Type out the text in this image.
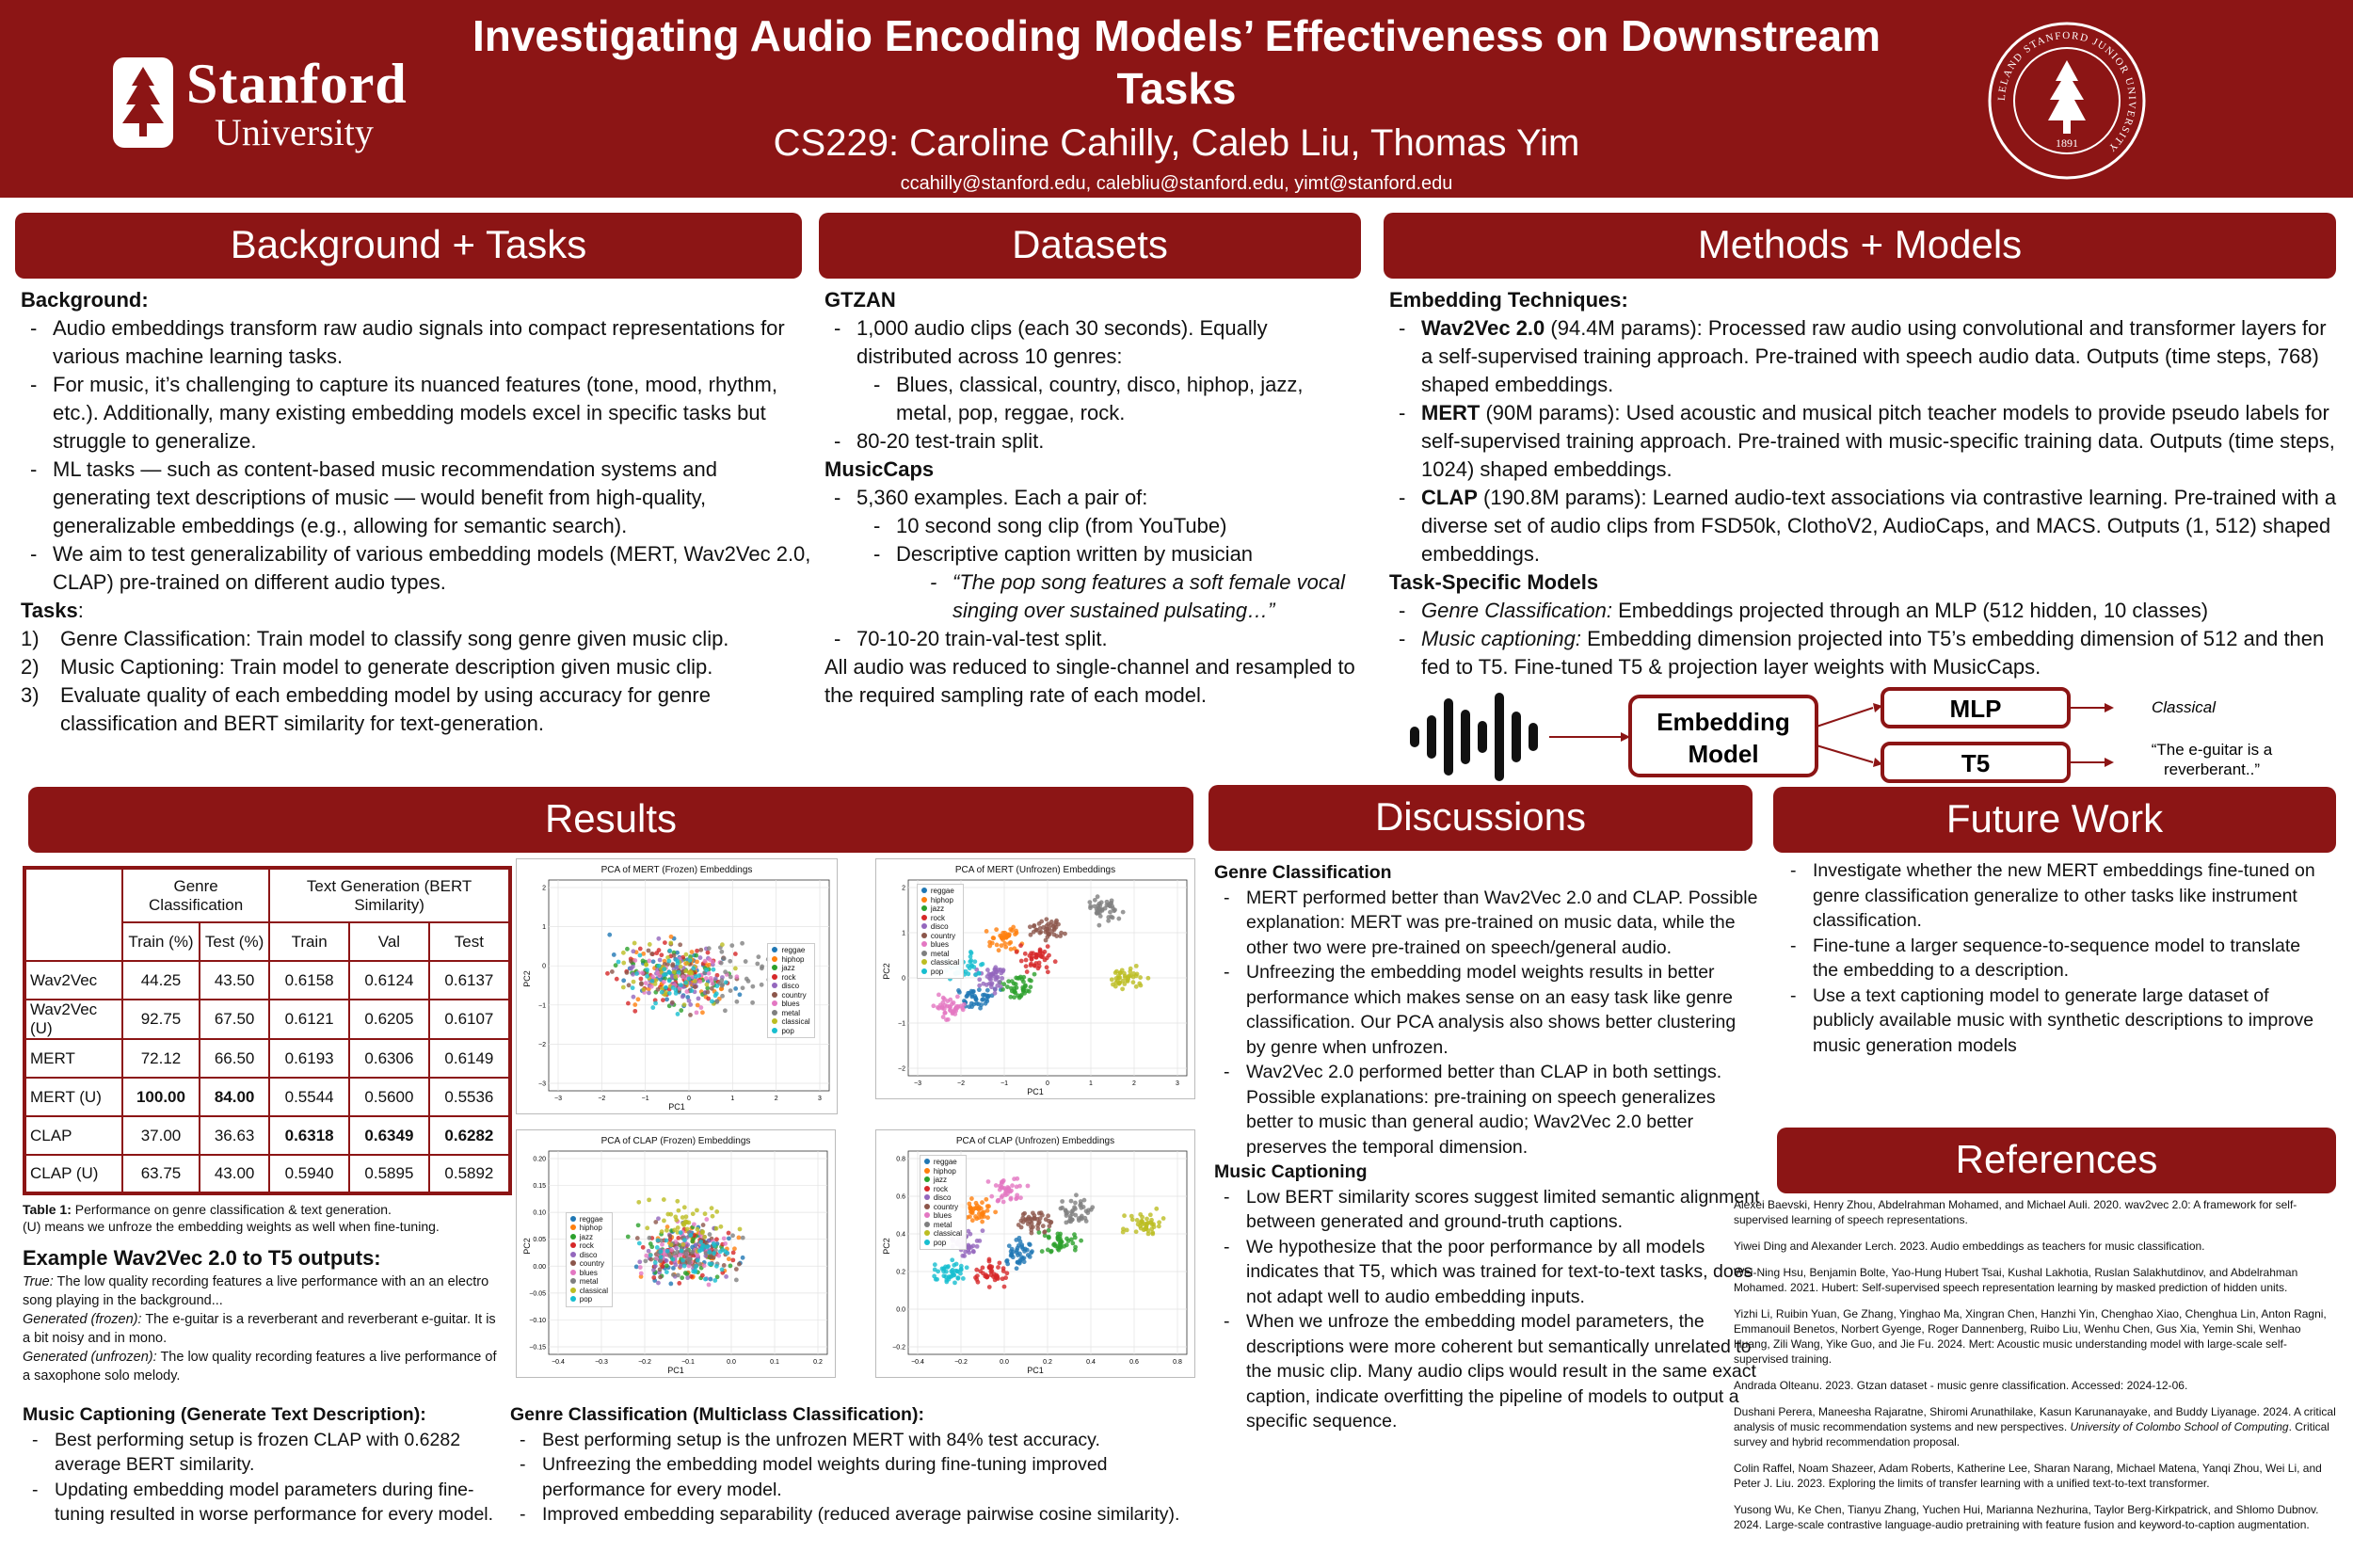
Stanford
University
Investigating Audio Encoding Models’ Effectiveness on Downstream Tasks
CS229: Caroline Cahilly, Caleb Liu, Thomas Yim
ccahilly@stanford.edu, calebliu@stanford.edu, yimt@stanford.edu
LELAND STANFORD JUNIOR UNIVERSITY
1891
Background + Tasks	Datasets	Methods + Models
Results	Discussions	Future Work
References
Background:
- Audio embeddings transform raw audio signals into compact representations for various machine learning tasks.
- For music, it’s challenging to capture its nuanced features (tone, mood, rhythm, etc.). Additionally, many existing embedding models excel in specific tasks but struggle to generalize.
- ML tasks — such as content-based music recommendation systems and generating text descriptions of music — would benefit from high-quality, generalizable embeddings (e.g., allowing for semantic search).
- We aim to test generalizability of various embedding models (MERT, Wav2Vec 2.0, CLAP) pre-trained on different audio types.
Tasks:
1) Genre Classification: Train model to classify song genre given music clip.
2) Music Captioning: Train model to generate description given music clip.
3) Evaluate quality of each embedding model by using accuracy for genre classification and BERT similarity for text-generation.
GTZAN
- 1,000 audio clips (each 30 seconds). Equally distributed across 10 genres:
- Blues, classical, country, disco, hiphop, jazz, metal, pop, reggae, rock.
- 80-20 test-train split.
MusicCaps
- 5,360 examples. Each a pair of:
- 10 second song clip (from YouTube)
- Descriptive caption written by musician
- “The pop song features a soft female vocal singing over sustained pulsating…”
- 70-10-20 train-val-test split.
All audio was reduced to single-channel and resampled to the required sampling rate of each model.
Embedding Techniques:
- Wav2Vec 2.0 (94.4M params): Processed raw audio using convolutional and transformer layers for a self-supervised training approach. Pre-trained with speech audio data. Outputs (time steps, 768) shaped embeddings.
- MERT (90M params): Used acoustic and musical pitch teacher models to provide pseudo labels for self-supervised training approach. Pre-trained with music-specific training data. Outputs (time steps, 1024) shaped embeddings.
- CLAP (190.8M params): Learned audio-text associations via contrastive learning. Pre-trained with a diverse set of audio clips from FSD50k, ClothoV2, AudioCaps, and MACS. Outputs (1, 512) shaped embeddings.
Task-Specific Models
- Genre Classification: Embeddings projected through an MLP (512 hidden, 10 classes)
- Music captioning: Embedding dimension projected into T5’s embedding dimension of 512 and then fed to T5. Fine-tuned T5 & projection layer weights with MusicCaps.
Embedding
Model
MLP
T5
Classical
“The e-guitar is a
reverberant..”
	Genre Classification		Text Generation (BERT Similarity)		
	Train (%)	Test (%)	Train	Val	Test
Wav2Vec	44.25	43.50	0.6158	0.6124	0.6137
Wav2Vec (U)	92.75	67.50	0.6121	0.6205	0.6107
MERT	72.12	66.50	0.6193	0.6306	0.6149
MERT (U)	100.00	84.00	0.5544	0.5600	0.5536
CLAP	37.00	36.63	0.6318	0.6349	0.6282
CLAP (U)	63.75	43.00	0.5940	0.5895	0.5892
Table 1: Performance on genre classification & text generation.
(U) means we unfroze the embedding weights as well when fine-tuning.
Example Wav2Vec 2.0 to T5 outputs:
True: The low quality recording features a live performance with an an electro song playing in the background...
Generated (frozen): The e-guitar is a reverberant and reverberant e-guitar. It is a bit noisy and in mono.
Generated (unfrozen): The low quality recording features a live performance of a saxophone solo melody.
Music Captioning (Generate Text Description):
- Best performing setup is frozen CLAP with 0.6282 average BERT similarity.
- Updating embedding model parameters during fine-tuning resulted in worse performance for every model.
Genre Classification (Multiclass Classification):
- Best performing setup is the unfrozen MERT with 84% test accuracy.
- Unfreezing the embedding model weights during fine-tuning improved performance for every model.
- Improved embedding separability (reduced average pairwise cosine similarity).
PCA of MERT (Frozen) Embeddings
PC1
PC2
−3	−2	−1	0	1	2	3
2
1
0
−1
−2
−3
reggae
hiphop
jazz
rock
disco
country
blues
metal
classical
pop
PCA of MERT (Unfrozen) Embeddings
PC1
PC2
−3	−2	−1	0	1	2	3
2
1
0
−1
−2
reggae
hiphop
jazz
rock
disco
country
blues
metal
classical
pop
PCA of CLAP (Frozen) Embeddings
PC1
PC2
−0.4	−0.3	−0.2	−0.1	0.0	0.1	0.2
0.20
0.15
0.10
0.05
0.00
−0.05
−0.10
−0.15
reggae
hiphop
jazz
rock
disco
country
blues
metal
classical
pop
PCA of CLAP (Unfrozen) Embeddings
PC1
PC2
−0.4	−0.2	0.0	0.2	0.4	0.6	0.8
0.8
0.6
0.4
0.2
0.0
−0.2
reggae
hiphop
jazz
rock
disco
country
blues
metal
classical
pop
Genre Classification
- MERT performed better than Wav2Vec 2.0 and CLAP. Possible explanation: MERT was pre-trained on music data, while the other two were pre-trained on speech/general audio.
- Unfreezing the embedding model weights results in better performance which makes sense on an easy task like genre classification. Our PCA analysis also shows better clustering by genre when unfrozen.
- Wav2Vec 2.0 performed better than CLAP in both settings. Possible explanations: pre-training on speech generalizes better to music than general audio; Wav2Vec 2.0 better preserves the temporal dimension.
Music Captioning
- Low BERT similarity scores suggest limited semantic alignment between generated and ground-truth captions.
- We hypothesize that the poor performance by all models indicates that T5, which was trained for text-to-text tasks, does not adapt well to audio embedding inputs.
- When we unfroze the embedding model parameters, the descriptions were more coherent but semantically unrelated to the music clip. Many audio clips would result in the same exact caption, indicate overfitting the pipeline of models to output a specific sequence.
- Investigate whether the new MERT embeddings fine-tuned on genre classification generalize to other tasks like instrument classification.
- Fine-tune a larger sequence-to-sequence model to translate the embedding to a description.
- Use a text captioning model to generate large dataset of publicly available music with synthetic descriptions to improve music generation models

Alexei Baevski, Henry Zhou, Abdelrahman Mohamed, and Michael Auli. 2020. wav2vec 2.0: A framework for self-supervised learning of speech representations.

Yiwei Ding and Alexander Lerch. 2023. Audio embeddings as teachers for music classification.

Wei-Ning Hsu, Benjamin Bolte, Yao-Hung Hubert Tsai, Kushal Lakhotia, Ruslan Salakhutdinov, and Abdelrahman Mohamed. 2021. Hubert: Self-supervised speech representation learning by masked prediction of hidden units.

Yizhi Li, Ruibin Yuan, Ge Zhang, Yinghao Ma, Xingran Chen, Hanzhi Yin, Chenghao Xiao, Chenghua Lin, Anton Ragni, Emmanouil Benetos, Norbert Gyenge, Roger Dannenberg, Ruibo Liu, Wenhu Chen, Gus Xia, Yemin Shi, Wenhao Huang, Zili Wang, Yike Guo, and Jie Fu. 2024. Mert: Acoustic music understanding model with large-scale self-supervised training.

Andrada Olteanu. 2023. Gtzan dataset - music genre classification. Accessed: 2024-12-06.

Dushani Perera, Maneesha Rajaratne, Shiromi Arunathilake, Kasun Karunanayake, and Buddy Liyanage. 2024. A critical analysis of music recommendation systems and new perspectives. University of Colombo School of Computing. Critical survey and hybrid recommendation proposal.

Colin Raffel, Noam Shazeer, Adam Roberts, Katherine Lee, Sharan Narang, Michael Matena, Yanqi Zhou, Wei Li, and Peter J. Liu. 2023. Exploring the limits of transfer learning with a unified text-to-text transformer.

Yusong Wu, Ke Chen, Tianyu Zhang, Yuchen Hui, Marianna Nezhurina, Taylor Berg-Kirkpatrick, and Shlomo Dubnov. 2024. Large-scale contrastive language-audio pretraining with feature fusion and keyword-to-caption augmentation.
